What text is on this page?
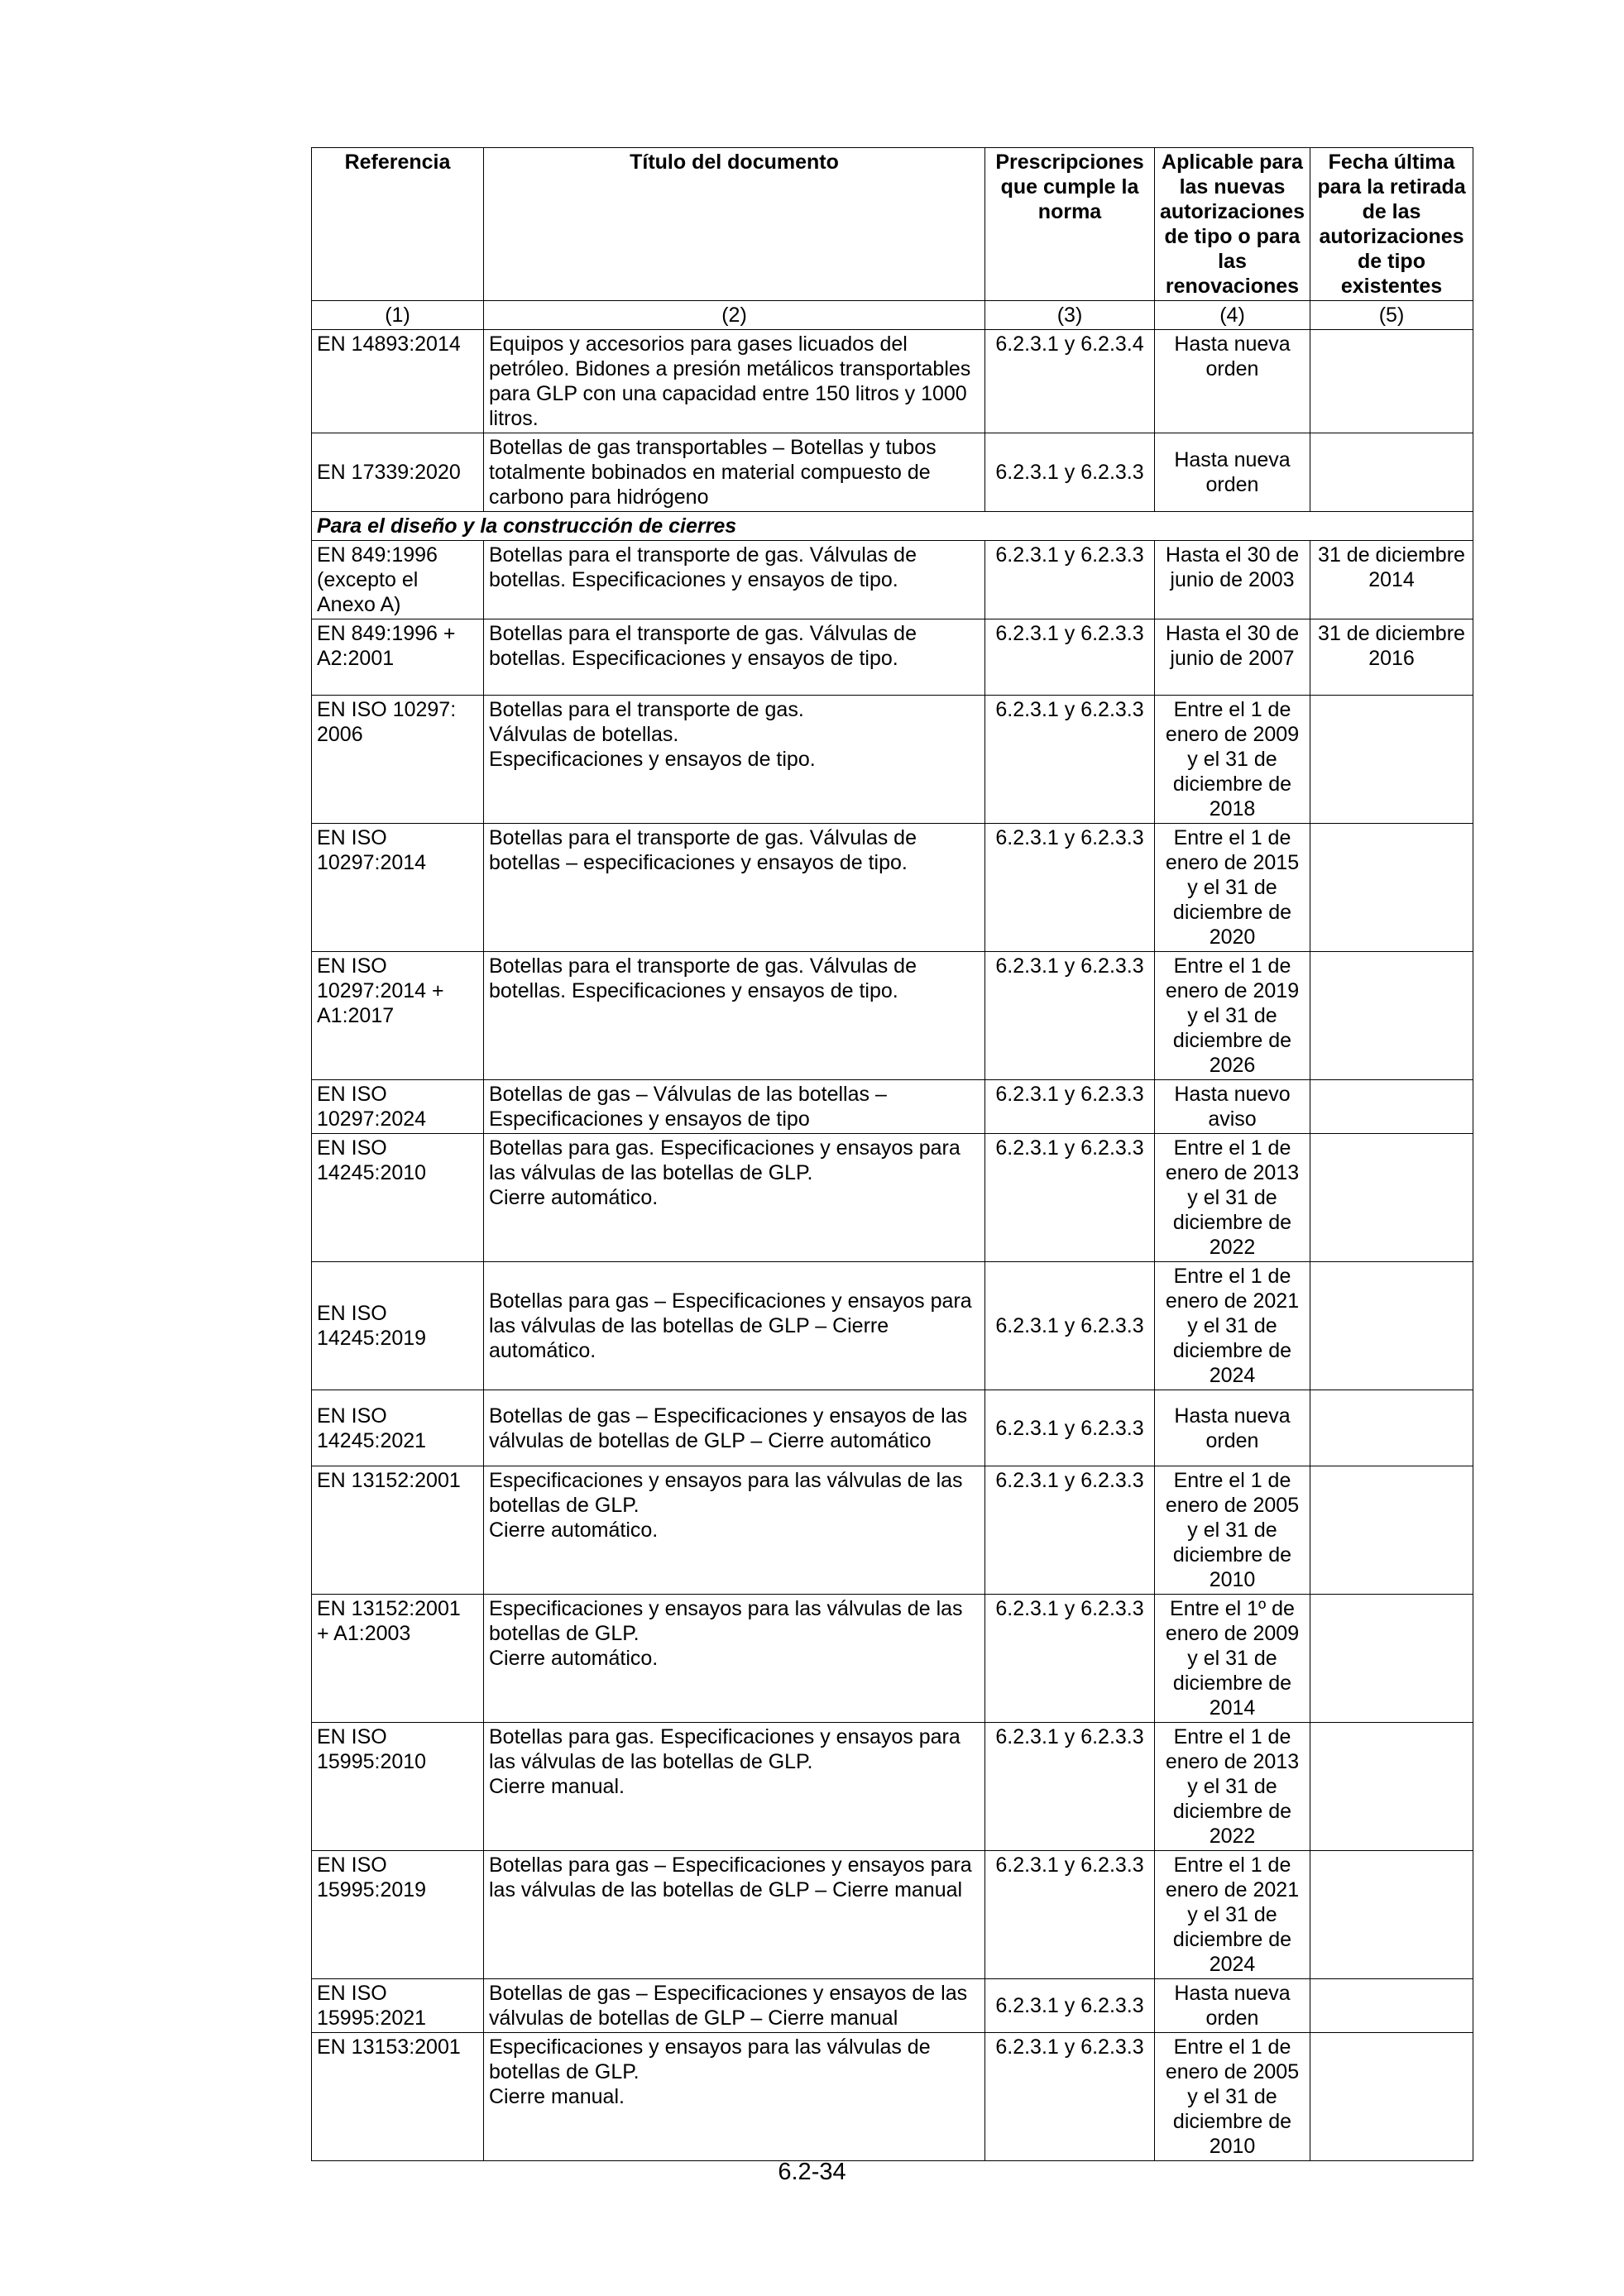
Referencia	Título del documento	Prescripciones que cumple la norma	Aplicable para las nuevas autorizaciones de tipo o para las renovaciones	Fecha última para la retirada de las autorizaciones de tipo existentes
(1)	(2)	(3)	(4)	(5)
EN 14893:2014	Equipos y accesorios para gases licuados del petróleo. Bidones a presión metálicos transportables para GLP con una capacidad entre 150 litros y 1000 litros.	6.2.3.1 y 6.2.3.4	Hasta nueva orden	
EN 17339:2020	Botellas de gas transportables – Botellas y tubos totalmente bobinados en material compuesto de carbono para hidrógeno	6.2.3.1 y 6.2.3.3	Hasta nueva orden	
Para el diseño y la construcción de cierres				
EN 849:1996 (excepto el Anexo A)	Botellas para el transporte de gas. Válvulas de botellas. Especificaciones y ensayos de tipo.	6.2.3.1 y 6.2.3.3	Hasta el 30 de junio de 2003	31 de diciembre 2014
EN 849:1996 + A2:2001	Botellas para el transporte de gas. Válvulas de botellas. Especificaciones y ensayos de tipo.	6.2.3.1 y 6.2.3.3	Hasta el 30 de junio de 2007	31 de diciembre 2016
EN ISO 10297: 2006	Botellas para el transporte de gas.
Válvulas de botellas.
Especificaciones y ensayos de tipo.	6.2.3.1 y 6.2.3.3	Entre el 1 de enero de 2009 y el 31 de diciembre de 2018	
EN ISO 10297:2014	Botellas para el transporte de gas. Válvulas de botellas – especificaciones y ensayos de tipo.	6.2.3.1 y 6.2.3.3	Entre el 1 de enero de 2015 y el 31 de diciembre de 2020	
EN ISO 10297:2014 + A1:2017	Botellas para el transporte de gas. Válvulas de botellas. Especificaciones y ensayos de tipo.	6.2.3.1 y 6.2.3.3	Entre el 1 de enero de 2019 y el 31 de diciembre de 2026	
EN ISO 10297:2024	Botellas de gas – Válvulas de las botellas – Especificaciones y ensayos de tipo	6.2.3.1 y 6.2.3.3	Hasta nuevo aviso	
EN ISO 14245:2010	Botellas para gas. Especificaciones y ensayos para las válvulas de las botellas de GLP.
Cierre automático.	6.2.3.1 y 6.2.3.3	Entre el 1 de enero de 2013 y el 31 de diciembre de 2022	
EN ISO 14245:2019	Botellas para gas – Especificaciones y ensayos para las válvulas de las botellas de GLP – Cierre automático.	6.2.3.1 y 6.2.3.3	Entre el 1 de enero de 2021 y el 31 de diciembre de 2024	
EN ISO 14245:2021	Botellas de gas – Especificaciones y ensayos de las válvulas de botellas de GLP – Cierre automático	6.2.3.1 y 6.2.3.3	Hasta nueva orden	
EN 13152:2001	Especificaciones y ensayos para las válvulas de las botellas de GLP.
Cierre automático.	6.2.3.1 y 6.2.3.3	Entre el 1 de enero de 2005 y el 31 de diciembre de 2010	
EN 13152:2001 + A1:2003	Especificaciones y ensayos para las válvulas de las botellas de GLP.
Cierre automático.	6.2.3.1 y 6.2.3.3	Entre el 1º de enero de 2009 y el 31 de diciembre de 2014	
EN ISO 15995:2010	Botellas para gas. Especificaciones y ensayos para las válvulas de las botellas de GLP.
Cierre manual.	6.2.3.1 y 6.2.3.3	Entre el 1 de enero de 2013 y el 31 de diciembre de 2022	
EN ISO 15995:2019	Botellas para gas – Especificaciones y ensayos para las válvulas de las botellas de GLP – Cierre manual	6.2.3.1 y 6.2.3.3	Entre el 1 de enero de 2021 y el 31 de diciembre de 2024	
EN ISO 15995:2021	Botellas de gas – Especificaciones y ensayos de las válvulas de botellas de GLP – Cierre manual	6.2.3.1 y 6.2.3.3	Hasta nueva orden	
EN 13153:2001	Especificaciones y ensayos para las válvulas de botellas de GLP.
Cierre manual.	6.2.3.1 y 6.2.3.3	Entre el 1 de enero de 2005 y el 31 de diciembre de 2010	
6.2-34
